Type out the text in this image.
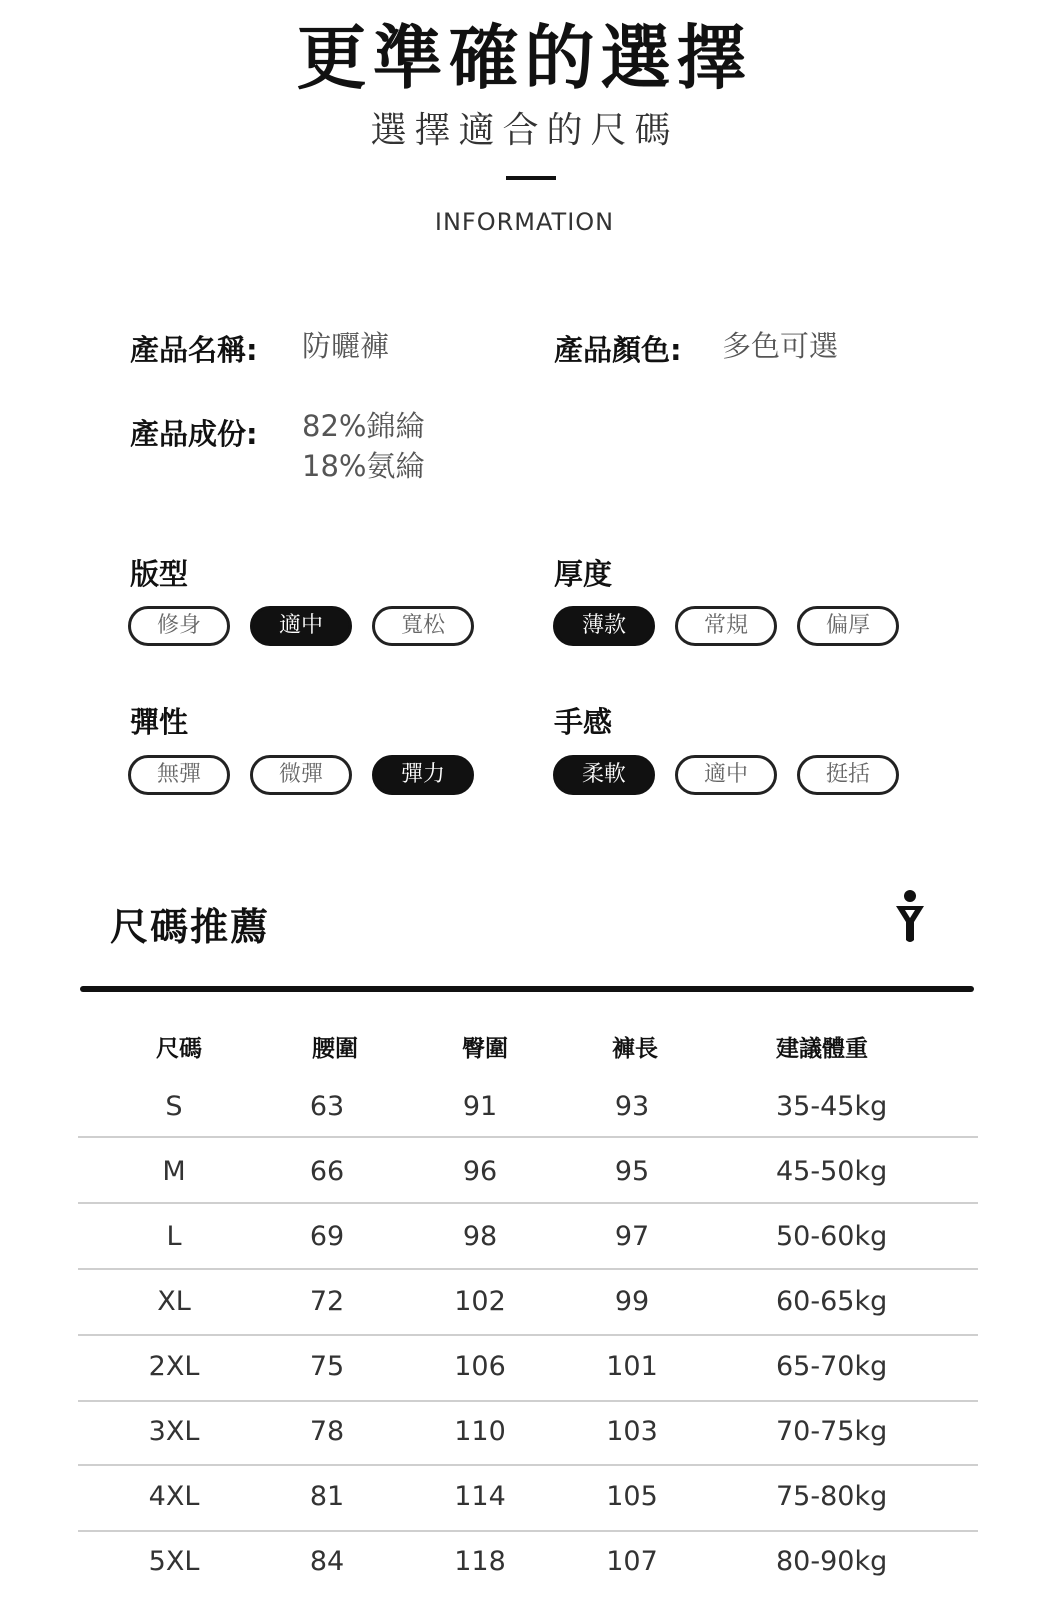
更準確的選擇
選擇適合的尺碼
INFORMATION
產品名稱: 防曬褲	產品顏色: 多色可選
產品成份: 82%錦綸
18%氨綸
版型
修身	適中	寬松
厚度
薄款	常規	偏厚
彈性
無彈	微彈	彈力
手感
柔軟	適中	挺括
尺碼推薦
尺碼	腰圍	臀圍	褲長	建議體重
S	63	91	93	35-45kg
M	66	96	95	45-50kg
L	69	98	97	50-60kg
XL	72	102	99	60-65kg
2XL	75	106	101	65-70kg
3XL	78	110	103	70-75kg
4XL	81	114	105	75-80kg
5XL	84	118	107	80-90kg
